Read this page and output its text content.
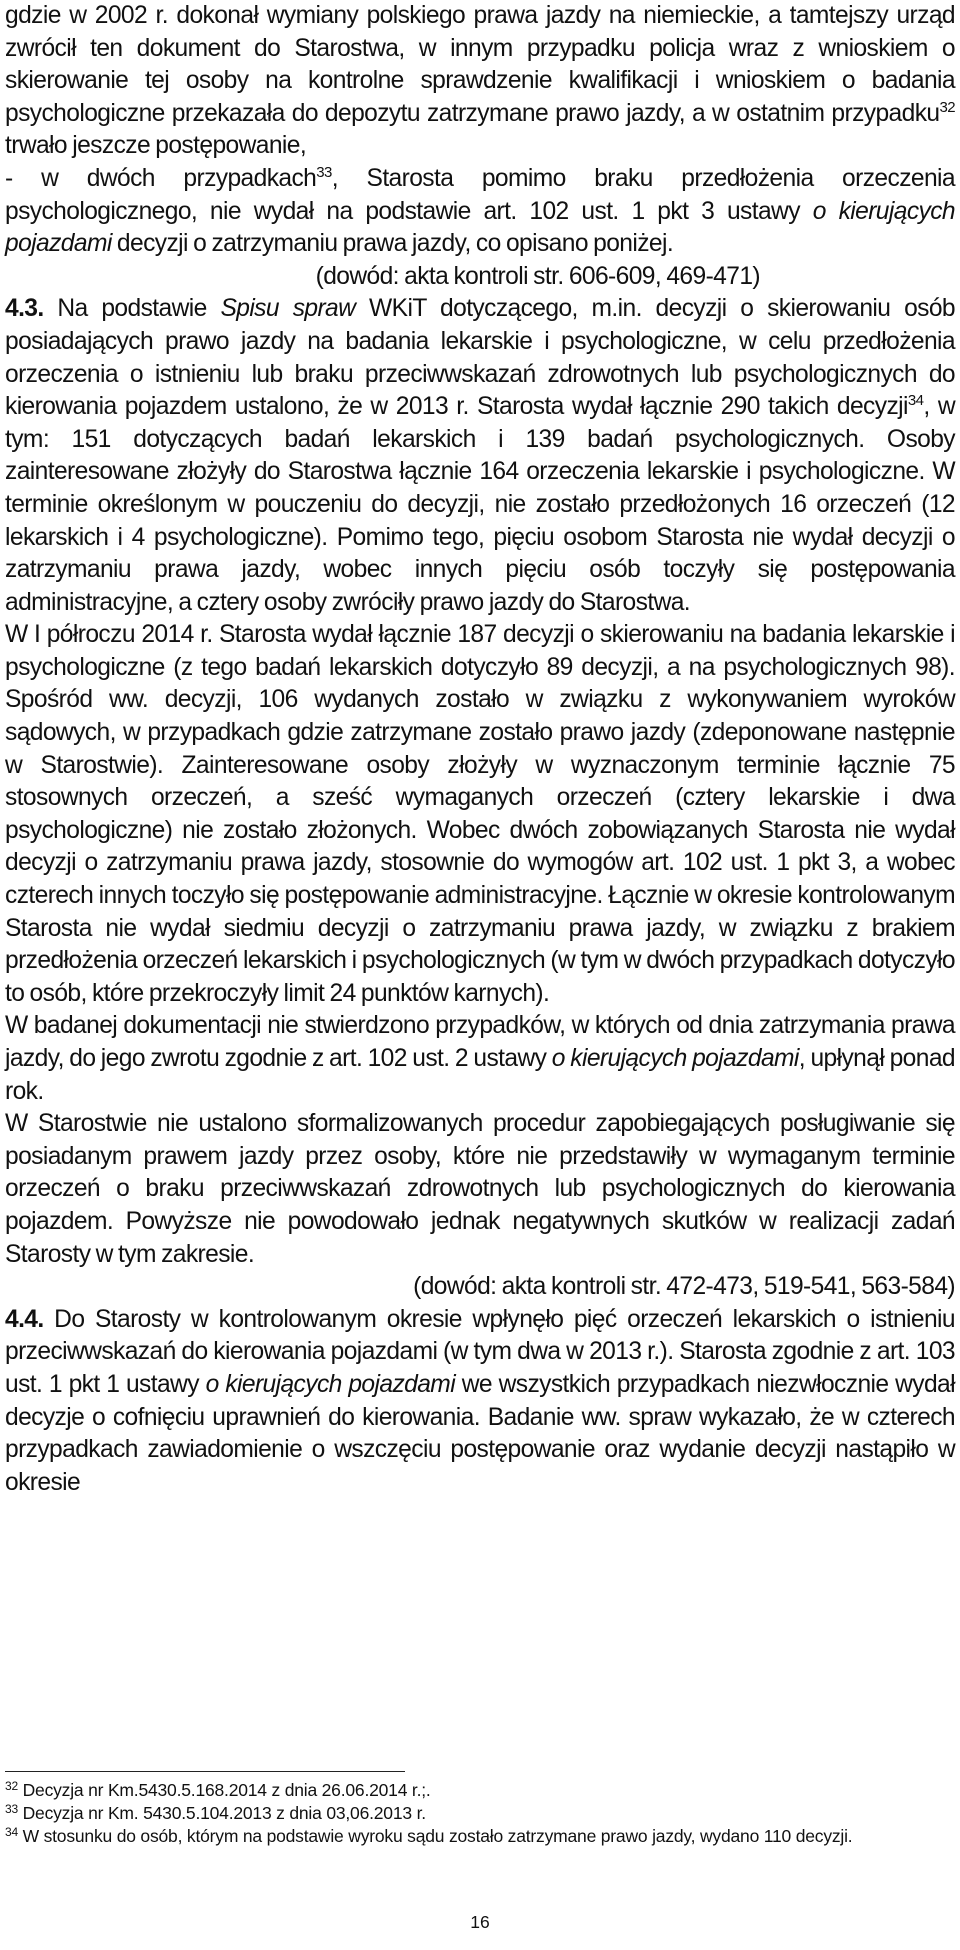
gdzie w 2002 r. dokonał wymiany polskiego prawa jazdy na niemieckie, a tamtejszy urząd zwrócił ten dokument do Starostwa, w innym przypadku policja wraz z wnioskiem o skierowanie tej osoby na kontrolne sprawdzenie kwalifikacji i wnioskiem o badania psychologiczne przekazała do depozytu zatrzymane prawo jazdy, a w ostatnim przypadku$^{32}$ trwało jeszcze postępowanie,

- w dwóch przypadkach$^{33}$, Starosta pomimo braku przedłożenia orzeczenia psychologicznego, nie wydał na podstawie art. 102 ust. 1 pkt 3 ustawy o kierujących pojazdami decyzji o zatrzymaniu prawa jazdy, co opisano poniżej.

(dowód: akta kontroli str. 606-609, 469-471)

4.3. Na podstawie Spisu spraw WKiT dotyczącego, m.in. decyzji o skierowaniu osób posiadających prawo jazdy na badania lekarskie i psychologiczne, w celu przedłożenia orzeczenia o istnieniu lub braku przeciwwskazań zdrowotnych lub psychologicznych do kierowania pojazdem ustalono, że w 2013 r. Starosta wydał łącznie 290 takich decyzji$^{34}$, w tym: 151 dotyczących badań lekarskich i 139 badań psychologicznych. Osoby zainteresowane złożyły do Starostwa łącznie 164 orzeczenia lekarskie i psychologiczne. W terminie określonym w pouczeniu do decyzji, nie zostało przedłożonych 16 orzeczeń (12 lekarskich i 4 psychologiczne). Pomimo tego, pięciu osobom Starosta nie wydał decyzji o zatrzymaniu prawa jazdy, wobec innych pięciu osób toczyły się postępowania administracyjne, a cztery osoby zwróciły prawo jazdy do Starostwa.

W I półroczu 2014 r. Starosta wydał łącznie 187 decyzji o skierowaniu na badania lekarskie i psychologiczne (z tego badań lekarskich dotyczyło 89 decyzji, a na psychologicznych 98). Spośród ww. decyzji, 106 wydanych zostało w związku z wykonywaniem wyroków sądowych, w przypadkach gdzie zatrzymane zostało prawo jazdy (zdeponowane następnie w Starostwie). Zainteresowane osoby złożyły w wyznaczonym terminie łącznie 75 stosownych orzeczeń, a sześć wymaganych orzeczeń (cztery lekarskie i dwa psychologiczne) nie zostało złożonych. Wobec dwóch zobowiązanych Starosta nie wydał decyzji o zatrzymaniu prawa jazdy, stosownie do wymogów art. 102 ust. 1 pkt 3, a wobec czterech innych toczyło się postępowanie administracyjne. Łącznie w okresie kontrolowanym Starosta nie wydał siedmiu decyzji o zatrzymaniu prawa jazdy, w związku z brakiem przedłożenia orzeczeń lekarskich i psychologicznych (w tym w dwóch przypadkach dotyczyło to osób, które przekroczyły limit 24 punktów karnych).

W badanej dokumentacji nie stwierdzono przypadków, w których od dnia zatrzymania prawa jazdy, do jego zwrotu zgodnie z art. 102 ust. 2 ustawy o kierujących pojazdami, upłynął ponad rok.

W Starostwie nie ustalono sformalizowanych procedur zapobiegających posługiwanie się posiadanym prawem jazdy przez osoby, które nie przedstawiły w wymaganym terminie orzeczeń o braku przeciwwskazań zdrowotnych lub psychologicznych do kierowania pojazdem. Powyższe nie powodowało jednak negatywnych skutków w realizacji zadań Starosty w tym zakresie.

(dowód: akta kontroli str. 472-473, 519-541, 563-584)

4.4. Do Starosty w kontrolowanym okresie wpłynęło pięć orzeczeń lekarskich o istnieniu przeciwwskazań do kierowania pojazdami (w tym dwa w 2013 r.). Starosta zgodnie z art. 103 ust. 1 pkt 1 ustawy o kierujących pojazdami we wszystkich przypadkach niezwłocznie wydał decyzje o cofnięciu uprawnień do kierowania. Badanie ww. spraw wykazało, że w czterech przypadkach zawiadomienie o wszczęciu postępowanie oraz wydanie decyzji nastąpiło w okresie

$^{32}$ Decyzja nr Km.5430.5.168.2014 z dnia 26.06.2014 r.;.

$^{33}$ Decyzja nr Km. 5430.5.104.2013 z dnia 03,06.2013 r.

$^{34}$ W stosunku do osób, którym na podstawie wyroku sądu zostało zatrzymane prawo jazdy, wydano 110 decyzji.

16
